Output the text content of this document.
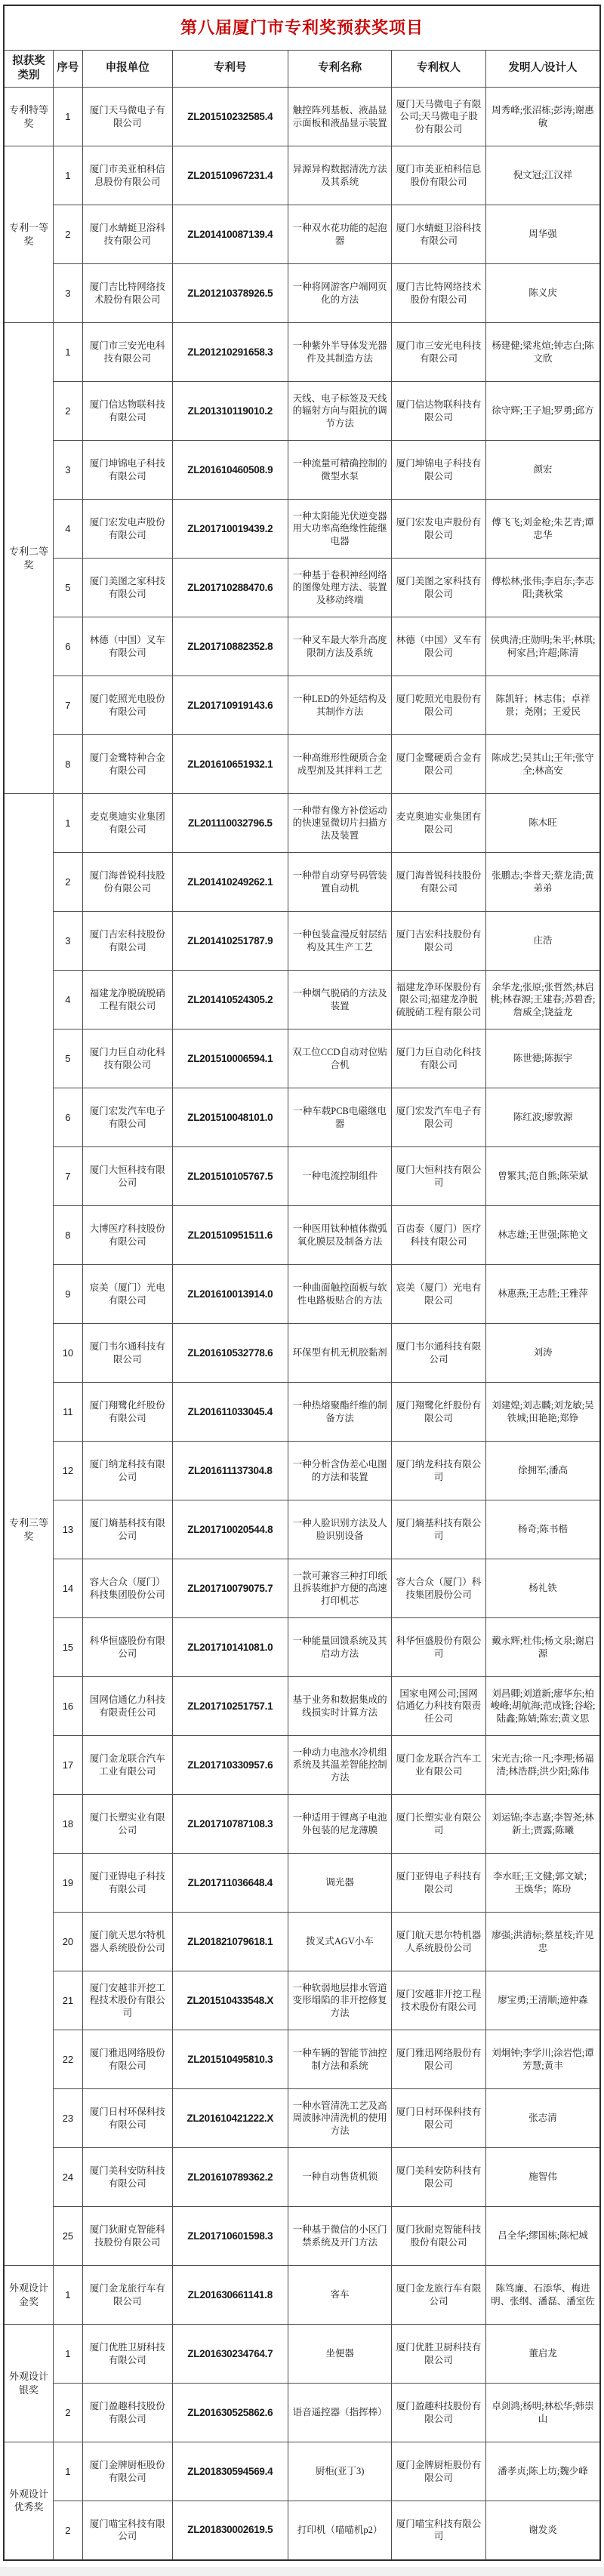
第八届厦门市专利奖预获奖项目						
拟获奖类别	序号	申报单位	专利号	专利名称	专利权人	发明人/设计人
专利特等奖	1	厦门天马微电子有限公司	ZL201510232585.4	触控阵列基板、液晶显示面板和液晶显示装置	厦门天马微电子有限公司;天马微电子股份有限公司	周秀峰;张沼栋;彭涛;谢惠敏
专利一等奖	1	厦门市美亚柏科信息股份有限公司	ZL201510967231.4	异源异构数据清洗方法及其系统	厦门市美亚柏科信息股份有限公司	倪文冠;江汉祥
	2	厦门水蜻蜓卫浴科技有限公司	ZL201410087139.4	一种双水花功能的起泡器	厦门水蜻蜓卫浴科技有限公司	周华强
	3	厦门吉比特网络技术股份有限公司	ZL201210378926.5	一种将网游客户端网页化的方法	厦门吉比特网络技术股份有限公司	陈义庆
专利二等奖	1	厦门市三安光电科技有限公司	ZL201210291658.3	一种紫外半导体发光器件及其制造方法	厦门市三安光电科技有限公司	杨建健;梁兆煊;钟志白;陈文欣
	2	厦门信达物联科技有限公司	ZL201310119010.2	天线、电子标签及天线的辐射方向与阻抗的调节方法	厦门信达物联科技有限公司	徐守辉;王子旭;罗勇;邱方
	3	厦门坤锦电子科技有限公司	ZL201610460508.9	一种流量可精确控制的微型水泵	厦门坤锦电子科技有限公司	颜宏
	4	厦门宏发电声股份有限公司	ZL201710019439.2	一种太阳能光伏逆变器用大功率高绝缘性能继电器	厦门宏发电声股份有限公司	傅飞飞;刘金枪;朱艺青;谭忠华
	5	厦门美图之家科技有限公司	ZL201710288470.6	一种基于卷积神经网络的图像处理方法、装置及移动终端	厦门美图之家科技有限公司	傅松林;张伟;李启东;李志阳;龚秋棠
	6	林德（中国）叉车有限公司	ZL201710882352.8	一种叉车最大举升高度限制方法及系统	林德（中国）叉车有限公司	侯典清;庄勋明;朱平;林琪;柯家昌;许超;陈清
	7	厦门乾照光电股份有限公司	ZL201710919143.6	一种LED的外延结构及其制作方法	厦门乾照光电股份有限公司	陈凯轩；林志伟；卓祥景；尧刚；王爱民
	8	厦门金鹭特种合金有限公司	ZL201610651932.1	一种高维形性硬质合金成型剂及其拌料工艺	厦门金鹭硬质合金有限公司	陈成艺;吴其山;王年;张守全;林高安
专利三等奖	1	麦克奥迪实业集团有限公司	ZL201110032796.5	一种带有像方补偿运动的快速显微切片扫描方法及装置	麦克奥迪实业集团有限公司	陈木旺
	2	厦门海普锐科技股份有限公司	ZL201410249262.1	一种带自动穿号码管装置自动机	厦门海普锐科技股份有限公司	张鹏志;李普天;蔡龙清;黄弟弟
	3	厦门吉宏科技股份有限公司	ZL201410251787.9	一种包装盒漫反射层结构及其生产工艺	厦门吉宏科技股份有限公司	庄浩
	4	福建龙净脱硫脱硝工程有限公司	ZL201410524305.2	一种烟气脱硝的方法及装置	福建龙净环保股份有限公司;福建龙净脱硫脱硝工程有限公司	余华龙;张原;张哲然;林启桃;林春源;王建春;苏碧香;詹威全;饶益龙
	5	厦门力巨自动化科技有限公司	ZL201510006594.1	双工位CCD自动对位贴合机	厦门力巨自动化科技有限公司	陈世德;陈振宇
	6	厦门宏发汽车电子有限公司	ZL201510048101.0	一种车载PCB电磁继电器	厦门宏发汽车电子有限公司	陈红波;廖敦源
	7	厦门大恒科技有限公司	ZL201510105767.5	一种电流控制组件	厦门大恒科技有限公司	曾繁其;范自熊;陈荣斌
	8	大博医疗科技股份有限公司	ZL201510951511.6	一种医用钛种植体微弧氧化膜层及制备方法	百齿泰（厦门）医疗科技有限公司	林志雄;王世强;陈艳文
	9	宸美（厦门）光电有限公司	ZL201610013914.0	一种曲面触控面板与软性电路板贴合的方法	宸美（厦门）光电有限公司	林惠燕;王志胜;王雅萍
	10	厦门韦尔通科技有限公司	ZL201610532778.6	环保型有机无机胶黏剂	厦门韦尔通科技有限公司	刘涛
	11	厦门翔鹭化纤股份有限公司	ZL201611033045.4	一种热熔聚酯纤维的制备方法	厦门翔鹭化纤股份有限公司	刘建煌;刘志麟;刘龙敏;吴铁城;田艳艳;郑铮
	12	厦门纳龙科技有限公司	ZL201611137304.8	一种分析含伪差心电图的方法和装置	厦门纳龙科技有限公司	徐拥军;潘高
	13	厦门熵基科技有限公司	ZL201710020544.8	一种人脸识别方法及人脸识别设备	厦门熵基科技有限公司	杨奇;陈书楷
	14	容大合众（厦门）科技集团股份公司	ZL201710079075.7	一款可兼容三种打印纸且拆装维护方便的高速打印机芯	容大合众（厦门）科技集团股份公司	杨礼铁
	15	科华恒盛股份有限公司	ZL201710141081.0	一种能量回馈系统及其启动方法	科华恒盛股份有限公司	戴永辉;杜伟;杨文泉;谢启源
	16	国网信通亿力科技有限责任公司	ZL201710251757.1	基于业务和数据集成的线损实时计算方法	国家电网公司;国网信通亿力科技有限责任公司	刘昌卿;刘道新;廖华东;柏峻峰;胡航海;范成锋;谷峪;陆鑫;陈婧;陈宏;黄文思
	17	厦门金龙联合汽车工业有限公司	ZL201710330957.6	一种动力电池水冷机组系统及其温差智能控制方法	厦门金龙联合汽车工业有限公司	宋光吉;徐一凡;李理;杨福清;林浩群;洪少阳;陈伟
	18	厦门长塑实业有限公司	ZL201710787108.3	一种适用于锂离子电池外包装的尼龙薄膜	厦门长塑实业有限公司	刘运锦;李志嘉;李智尧;林新土;贾露;陈曦
	19	厦门亚锝电子科技有限公司	ZL201711036648.4	调光器	厦门亚锝电子科技有限公司	李水旺;王文健;郭文斌；王焕华；陈玢
	20	厦门航天思尔特机器人系统股份公司	ZL201821079618.1	拨叉式AGV小车	厦门航天思尔特机器人系统股份公司	廖强;洪清标;蔡星枝;许见忠
	21	厦门安越非开挖工程技术股份有限公司	ZL201510433548.X	一种软弱地层排水管道变形塌陷的非开挖修复方法	厦门安越非开挖工程技术股份有限公司	廖宝勇;王清顺;遆仲森
	22	厦门雅迅网络股份有限公司	ZL201510495810.3	一种车辆的智能节油控制方法和系统	厦门雅迅网络股份有限公司	刘炯钟;李学川;涂岩恺;谭芳慧;黄丰
	23	厦门日村环保科技有限公司	ZL201610421222.X	一种水管清洗工艺及高周波脉冲清洗机的使用方法	厦门日村环保科技有限公司	张志清
	24	厦门美科安防科技有限公司	ZL201610789362.2	一种自动售货机锁	厦门美科安防科技有限公司	施智伟
	25	厦门狄耐克智能科技股份有限公司	ZL201710601598.3	一种基于微信的小区门禁系统及开门方法	厦门狄耐克智能科技股份有限公司	吕全华;缪国栋;陈杞城
外观设计金奖	1	厦门金龙旅行车有限公司	ZL201630661141.8	客车	厦门金龙旅行车有限公司	陈笃廉、石添华、梅进明、张纲、潘磊、潘室佐
外观设计银奖	1	厦门优胜卫厨科技有限公司	ZL201630234764.7	坐便器	厦门优胜卫厨科技有限公司	董启龙
	2	厦门盈趣科技股份有限公司	ZL201630525862.6	语音遥控器（指挥棒）	厦门盈趣科技股份有限公司	卓剑鸿;杨明;林松华;韩崇山
外观设计优秀奖	1	厦门金牌厨柜股份有限公司	ZL201830594569.4	厨柜(亚丁3)	厦门金牌厨柜股份有限公司	潘孝贞;陈上坊;魏少峰
	2	厦门喵宝科技有限公司	ZL201830002619.5	打印机（喵喵机p2）	厦门喵宝科技有限公司	谢发炎
